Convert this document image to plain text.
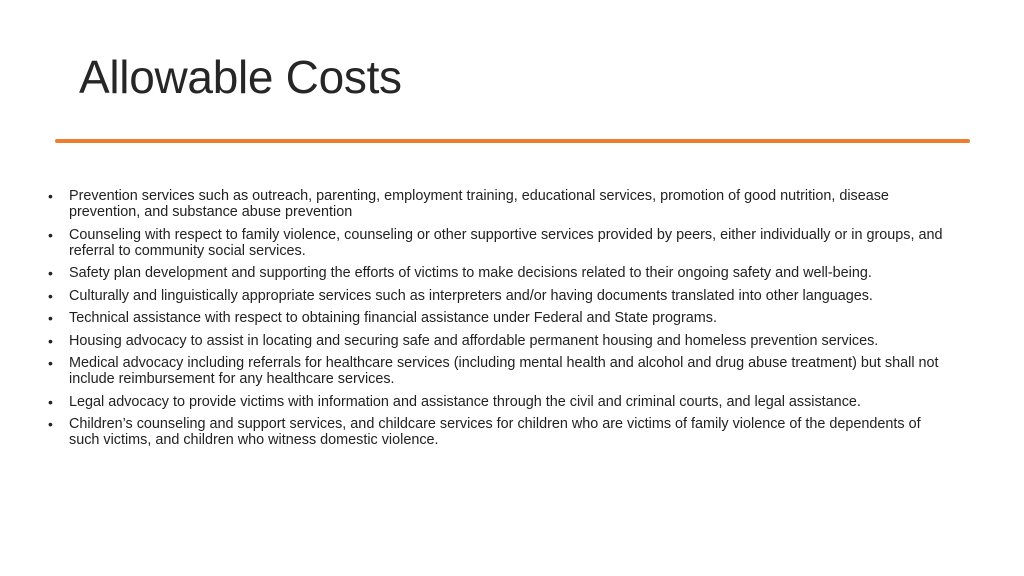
Allowable Costs
•	Prevention services such as outreach, parenting, employment training, educational services, promotion of good nutrition, disease prevention, and substance abuse prevention
•	Counseling with respect to family violence, counseling or other supportive services provided by peers, either individually or in groups, and referral to community social services.
•	Safety plan development and supporting the efforts of victims to make decisions related to their ongoing safety and well-being.
•	Culturally and linguistically appropriate services such as interpreters and/or having documents translated into other languages.
•	Technical assistance with respect to obtaining financial assistance under Federal and State programs.
•	Housing advocacy to assist in locating and securing safe and affordable permanent housing and homeless prevention services.
•	Medical advocacy including referrals for healthcare services (including mental health and alcohol and drug abuse treatment) but shall not include reimbursement for any healthcare services.
•	Legal advocacy to provide victims with information and assistance through the civil and criminal courts, and legal assistance.
•	Children’s counseling and support services, and childcare services for children who are victims of family violence of the dependents of such victims, and children who witness domestic violence.
